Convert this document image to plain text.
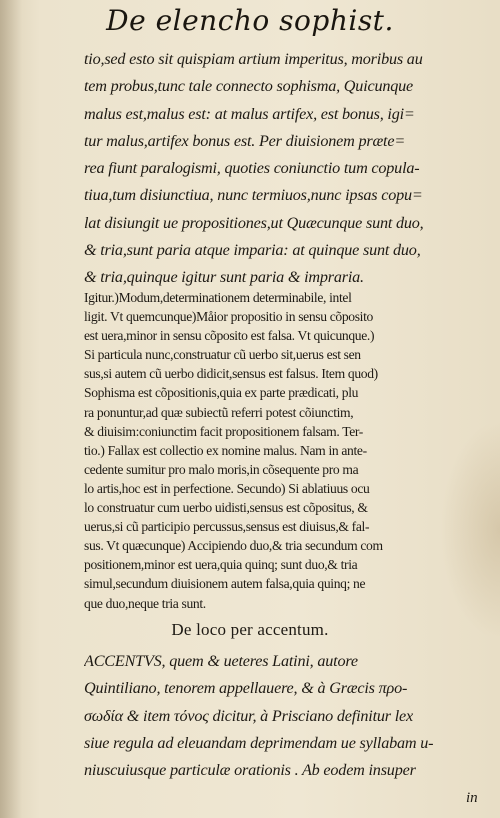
De elencho sophist.
tio,sed esto sit quispiam artium imperitus, moribus au
tem probus,tunc tale connecto sophisma, Quicunque
malus est,malus est: at malus artifex, est bonus, igi=
tur malus,artifex bonus est. Per diuisionem præte=
rea fiunt paralogismi, quoties coniunctio tum copula-
tiua,tum disiunctiua, nunc termiuos,nunc ipsas copu=
lat disiungit ue propositiones,ut Quæcunque sunt duo,
& tria,sunt paria atque imparia: at quinque sunt duo,
& tria,quinque igitur sunt paria & impraria.
Igitur.)Modum,determinationem determinabile, intel
ligit. Vt quemcunque)Måior propositio in sensu cõposito
est uera,minor in sensu cõposito est falsa. Vt quicunque.)
Si particula nunc,construatur cũ uerbo sit,uerus est sen
sus,si autem cũ uerbo didicit,sensus est falsus. Item quod)
Sophisma est cõpositionis,quia ex parte prædicati, plu
ra ponuntur,ad quæ subiectũ referri potest cõiunctim,
& diuisim:coniunctim facit propositionem falsam. Ter-
tio.) Fallax est collectio ex nomine malus. Nam in ante-
cedente sumitur pro malo moris,in cõsequente pro ma
lo artis,hoc est in perfectione. Secundo) Si ablatiuus ocu
lo construatur cum uerbo uidisti,sensus est cõpositus, &
uerus,si cũ participio percussus,sensus est diuisus,& fal-
sus. Vt quæcunque) Accipiendo duo,& tria secundum com
positionem,minor est uera,quia quinq; sunt duo,& tria
simul,secundum diuisionem autem falsa,quia quinq; ne
que duo,neque tria sunt.
De loco per accentum.
ACCENTVS, quem & ueteres Latini, autore
Quintiliano, tenorem appellauere, & à Græcis προ-
σωδία & item τόνος dicitur, à Prisciano definitur lex
siue regula ad eleuandam deprimendam ue syllabam u-
niuscuiusque particulæ orationis . Ab eodem insuper
in
